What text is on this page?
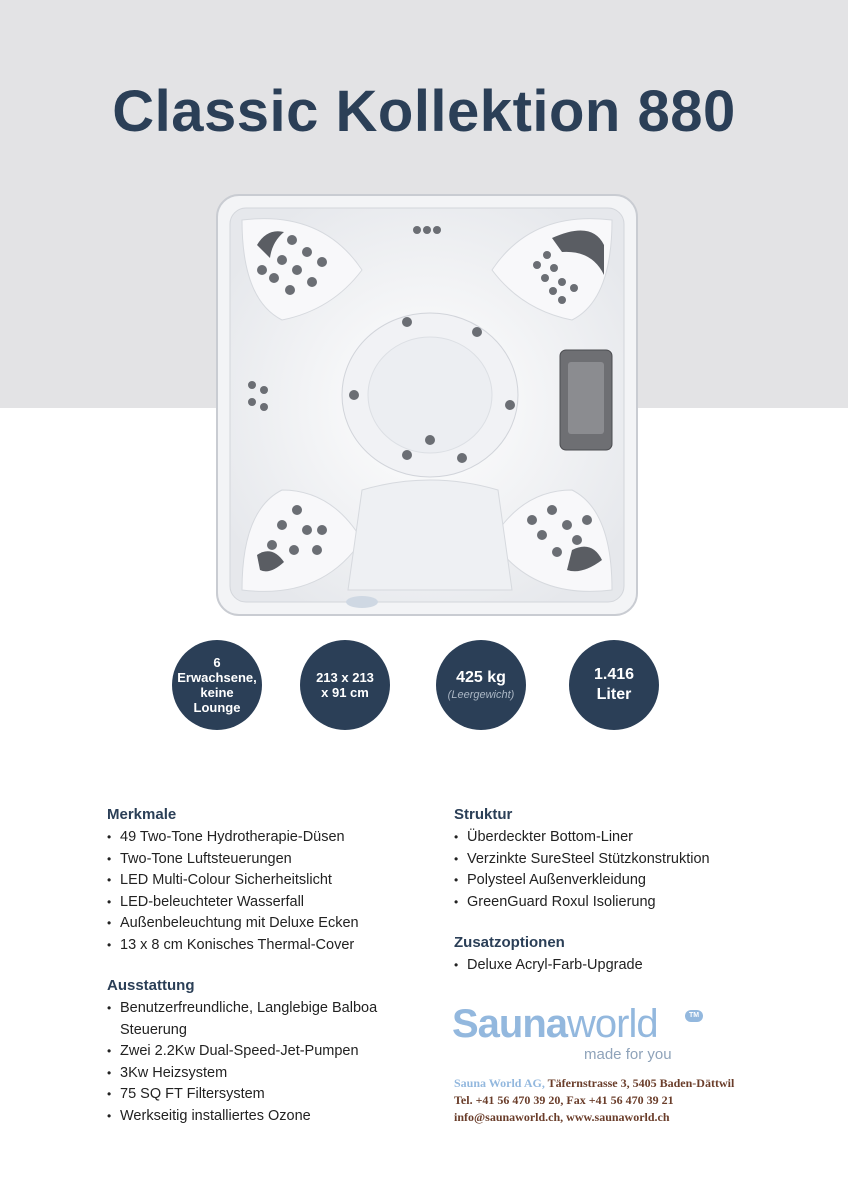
Classic Kollektion 880
6
Erwachsene,
keine
Lounge
213 x 213
x 91 cm
425 kg
(Leergewicht)
1.416
Liter
Merkmale
• 49 Two-Tone Hydrotherapie-Düsen
• Two-Tone Luftsteuerungen
• LED Multi-Colour Sicherheitslicht
• LED-beleuchteter Wasserfall
• Außenbeleuchtung mit Deluxe Ecken
• 13 x 8 cm Konisches Thermal-Cover
Ausstattung
• Benutzerfreundliche, Langlebige Balboa Steuerung
• Zwei 2.2Kw Dual-Speed-Jet-Pumpen
• 3Kw Heizsystem
• 75 SQ FT Filtersystem
• Werkseitig installiertes Ozone
Struktur
• Überdeckter Bottom-Liner
• Verzinkte SureSteel Stützkonstruktion
• Polysteel Außenverkleidung
• GreenGuard Roxul Isolierung
Zusatzoptionen
• Deluxe Acryl-Farb-Upgrade
Saunaworld	TM
made for you
Sauna World AG, Täfernstrasse 3, 5405 Baden-Dättwil
Tel. +41 56 470 39 20, Fax +41 56 470 39 21
info@saunaworld.ch, www.saunaworld.ch
